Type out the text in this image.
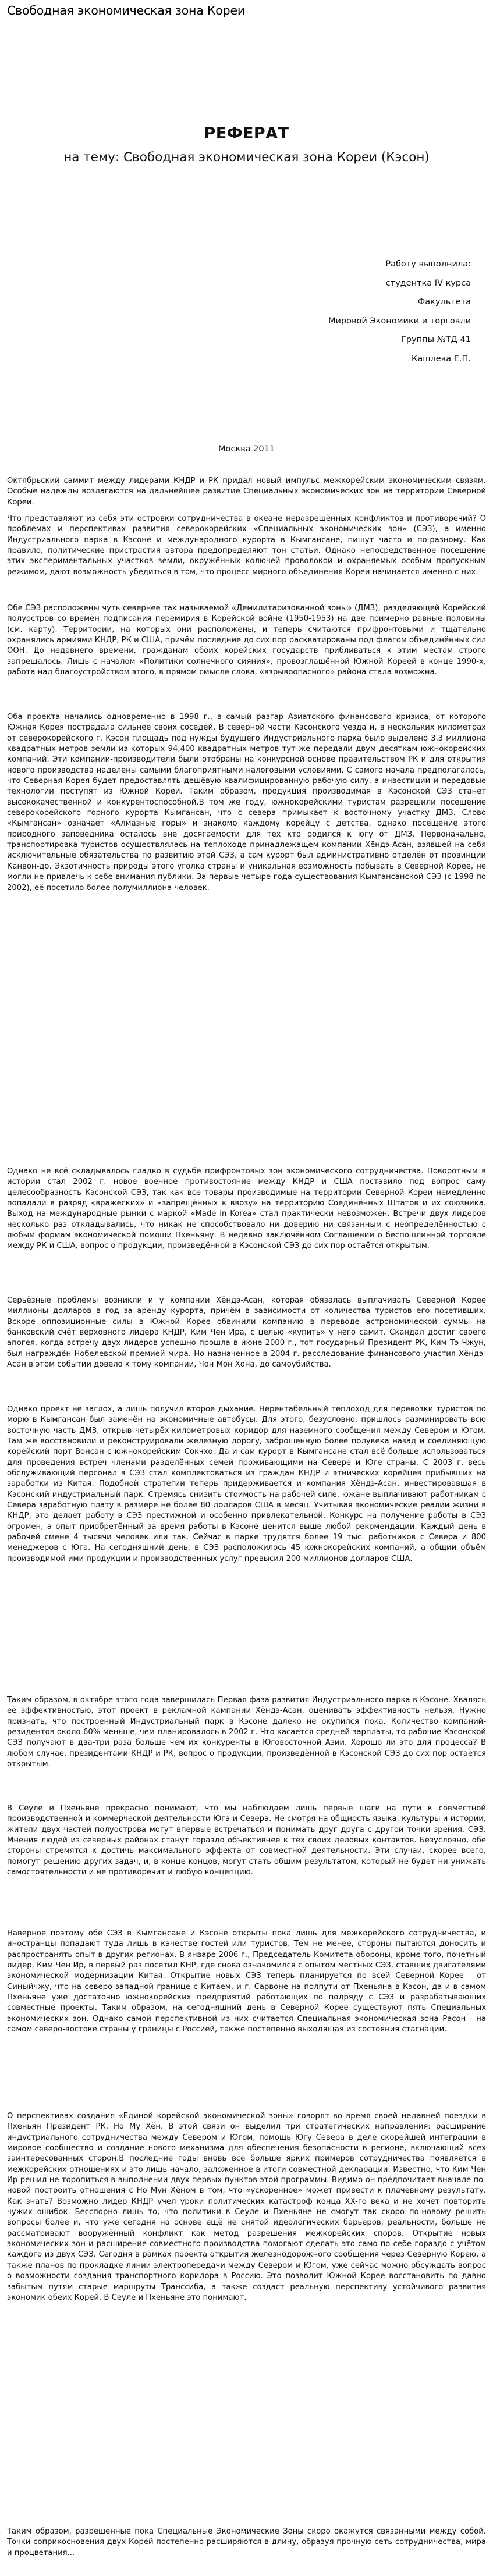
Свободная экономическая зона Кореи
РЕФЕРАТ
на тему: Свободная экономическая зона Кореи (Кэсон)
Работу выполнила:
студентка IV курса
Факультета
Мировой Экономики и торговли
Группы №ТД 41
Кашлева Е.П.
Москва 2011

Октябрьский саммит между лидерами КНДР и РК придал новый импульс межкорейским экономическим связям. Особые надежды возлагаются на дальнейшее развитие Специальных экономических зон на территории Северной Кореи.

Что представляют из себя эти островки сотрудничества в океане неразрешённых конфликтов и противоречий? О проблемах и перспективах развития северокорейских «Специальных экономических зон» (СЭЗ), а именно Индустриального парка в Кэсоне и международного курорта в Кымгансане, пишут часто и по-разному. Как правило, политические пристрастия авторa предопределяют тон статьи. Однако непосредственное посещение этих экспериментальных участков земли, окружённых колючей проволокой и охраняемых особым пропускным режимом, дают возможность убедиться в том, что процесс мирного объединения Кореи начинается именно с них.

Обе СЭЗ расположены чуть севернее так называемой «Демилитаризованной зоны» (ДМЗ), разделяющей Корейский полуостров со времён подписания перемирия в Корейской войне (1950-1953) на две примерно равные половины (см. карту). Территории, на которых они расположены, и теперь считаются прифронтовыми и тщательно охранялись армиями КНДР, РК и США, причём последние до сих пор раскватированы под флагом объединённых сил ООН. До недавнего времени, гражданам обоих корейских государств прибливаться к этим местам строго запрещалось. Лишь с началом «Политики солнечного сияния», провозглашённой Южной Кореей в конце 1990-х, работа над благоустройством этого, в прямом смысле слова, «взрывоопасного» района стала возможна.

Оба проекта начались одновременно в 1998 г., в самый разгар Азиатского финансового кризиса, от которого Южная Корея пострадала сильнее своих соседей. В северной части Кэсонского уезда и, в нескольких километрах от северокорейского г. Кэсон площадь под нужды будущего Индустриального парка было выделено 3.3 миллиона квадратных метров земли из которых 94,400 квадратных метров тут же передали двум десяткам южнокорейских компаний. Эти компании-производители были отобраны на конкурсной основе правительством РК и для открытия нового производства наделены самыми благоприятными налоговыми условиями. С самого начала предполагалось, что Северная Корея будет предоставлять дешёвую квалифицированную рабочую силу, а инвестиции и передовые технологии поступят из Южной Кореи. Таким образом, продукция производимая в Кэсонской СЭЗ станет высококачественной и конкурентоспособной.В том же году, южнокорейскими туристам разрешили посещение северокорейского горного курорта Кымгансан, что с севера примыкает к восточному участку ДМЗ. Слово «Кымгансан» означает «Алмазные горы» и знакомо каждому корейцу с детства, однако посещение этого природного заповедника осталось вне досягаемости для тех кто родился к югу от ДМЗ. Первоначально, транспортировка туристов осуществлялась на теплоходе принадлежащем компании Хёндэ-Асан, взявшей на себя исключительные обязательства по развитию этой СЭЗ, а сам курорт был административно отделён от провинции Канвон-до. Экзотичность природы этого уголка страны и уникальная возможность побывать в Северной Корее, не могли не привлечь к себе внимания публики. За первые четыре года существования Кымгансанской СЭЗ (с 1998 по 2002), её посетило более полумиллиона человек.

Однако не всё складывалось гладко в судьбе прифронтовых зон экономического сотрудничества. Поворотным в истории стал 2002 г. новое военное противостояние между КНДР и США поставило под вопрос саму целесообразность Кэсонской СЭЗ, так как все товары производимые на территории Северной Кореи немедленно попадали в разряд «вражеских» и «запрещённых к ввозу» на территорию Соединённых Штатов и их союзника. Выход на международные рынки с маркой «Made in Korea» стал практически невозможен. Встречи двух лидеров несколько раз откладывались, что никак не способствовало ни доверию ни связанным с неопределённостью с любым формам экономической помощи Пхеньяну. В недавно заключённом Соглашении о беспошлинной торговле между РК и США, вопрос о продукции, произведённой в Кэсонской СЭЗ до сих пор остаётся открытым.

Серьёзные проблемы возникли и у компании Хёндэ-Асан, которая обязалась выплачивать Северной Корее миллионы долларов в год за аренду курорта, причём в зависимости от количества туристов его посетивших. Вскоре оппозиционные силы в Южной Корее обвинили компанию в переводе астрономической суммы на банковский счёт верховного лидера КНДР, Ким Чен Ира, с целью «купить» у него самит. Скандал достиг своего апогея, когда встречу двух лидеров успешно прошла в июне 2000 г., тот государный Президент РК, Ким Тэ Чжун, был награждён Нобелевской премией мира. Но назначенное в 2004 г. расследование финансового участия Хёндэ-Асан в этом событии довело к тому компании, Чон Мон Хона, до самоубийства.

Однако проект не заглох, а лишь получил второе дыхание. Нерентабельный теплоход для перевозки туристов по морю в Кымгансан был заменён на экономичные автобусы. Для этого, безусловно, пришлось разминировать всю восточную часть ДМЗ, открыв четырёх-километровых коридор для наземного сообщения между Севером и Югом. Там же восстановили и реконструировали железную дорогу, заброшенную более полувека назад и соединяющую корейский порт Вонсан с южнокорейским Сокчхо. Да и сам курорт в Кымгансане стал всё больше использоваться для проведения встреч членами разделённых семей проживающими на Севере и Юге страны. С 2003 г. весь обслуживающий персонал в СЭЗ стал комплектоваться из граждан КНДР и этнических корейцев прибывших на заработки из Китая. Подобной стратегии теперь придерживается и компания Хёндэ-Асан, инвестировавшая в Кэсонский индустриальный парк. Стремясь снизить стоимость на рабочей силе, южане выплачивают работникам с Севера заработную плату в размере не более 80 долларов США в месяц. Учитывая экономические реалии жизни в КНДР, это делает работу в СЭЗ престижной и особенно привлекательной. Конкурс на получение работы в СЭЗ огромен, а опыт приобретённый за время работы в Кэсоне ценится выше любой рекомендации. Каждый день в рабочей смене 4 тысячи человек или так. Сейчас в парке трудятся более 19 тыс. работников с Севера и 800 менеджеров с Юга. На сегодняшний день, в СЭЗ расположилось 45 южнокорейских компаний, а общий объём производимой ими продукции и производственных услуг превысил 200 миллионов долларов США.

Таким образом, в октябре этого года завершилась Первая фаза развития Индустриального парка в Кэсоне. Хвалясь её эффективностью, этот проект в рекламной кампании Хёндэ-Асан, оценивать эффективность нельзя. Нужно признать, что построенный Индустриальный парк в Кэсоне далеко не окупился пока. Количество компаний-резидентов около 60% меньше, чем планировалось в 2002 г. Что касается средней зарплаты, то рабочие Кэсонской СЭЗ получают в два-три раза больше чем их конкуренты в Юговосточной Азии. Хорошо ли это для процесса? В любом случае, президентами КНДР и РК, вопрос о продукции, произведённой в Кэсонской СЭЗ до сих пор остаётся открытым.

В Сеуле и Пхеньяне прекрасно понимают, что мы наблюдаем лишь первые шаги на пути к совместной производственной и коммерческой деятельности Юга и Севера. Не смотря на общность языка, культуры и истории, жители двух частей полуострова могут впервые встречаться и понимать друг друга с другой точки зрения. СЭЗ. Мнения людей из северных районах станут гораздо объективнее к тех своих деловых контактов. Безусловно, обе стороны стремятся к достичь максимального эффекта от совместной деятельности. Эти случаи, скорее всего, помогут решению других задач, и, в конце концов, могут стать общим результатом, который не будет ни унижать самостоятельности и не противоречит и любую концепцию.

Наверное поэтому обе СЭЗ в Кымгансане и Кэсоне открыты пока лишь для межкорейского сотрудничества, и иностранцы попадают туда лишь в качестве гостей или туристов. Тем не менее, стороны пытаются доносить и распространять опыт в других регионах. В январе 2006 г., Председатель Комитета обороны, кроме того, почетный лидер, Ким Чен Ир, в первый раз посетил КНР, где снова ознакомился с опытом местных СЭЗ, ставших двигателями экономической модернизации Китая. Открытие новых СЭЗ теперь планируется по всей Северной Корее - от Синыйчжу, что на северо-западной границе с Китаем, и г. Сарвоне на полпути от Пхеньяна в Кэсон, да и в самом Пхеньяне уже достаточно южнокорейских предприятий работающих по подряду с СЭЗ и разрабатывающих совместные проекты. Таким образом, на сегодняшний день в Северной Корее существуют пять Специальных экономических зон. Однако самой перспективной из них считается Специальная экономическая зона Расон - на самом северо-востоке страны у границы с Россией, также постепенно выходящая из состояния стагнации.

О перспективах создания «Единой корейской экономической зоны» говорят во время своей недавней поездки в Пхеньян Президент РК, Но Му Хён. В этой связи он выделил три стратегических направления: расширение индустриального сотрудничества между Севером и Югом, помощь Югу Севера в деле скорейшей интеграции в мировое сообщество и создание нового механизма для обеспечения безопасности в регионе, включающий всех заинтересованных сторон.В последние годы вновь все больше ярких примеров сотрудничества появляется в межкорейских отношениях и это лишь начало, заложенное в итоги совместной декларации. Известно, что Ким Чен Ир решил не торопиться в выполнении двух первых пунктов этой программы. Видимо он предпочитает вначале по-новой построить отношения с Но Мун Хёном в том, что «ускоренное» может привести к плачевному результату. Как знать? Возможно лидер КНДР учел уроки политических катастроф конца XX-го века и не хочет повторить чужих ошибок. Бесспорно лишь то, что политики в Сеуле и Пхеньяне не смогут так скоро по-новому решить вопросы более и, что уже сегодня на основе ещё не снятой идеологических барьеров, реальности, больше не рассматривают вооружённый конфликт как метод разрешения межкорейских споров. Открытие новых экономических зон и расширение совместного производства помогают сделать это само по себе гораздо с учётом каждого из двух СЭЗ. Сегодня в рамках проекта открытия железнодорожного сообщения через Северную Корею, а также планов по прокладке линии электропередачи между Севером и Югом, уже сейчас можно обсуждать вопрос о возможности создания транспортного коридора в Россию. Это позволит Южной Корее восстановить по давно забытым путям старые маршруты Транссиба, а также создаст реальную перспективу устойчивого развития экономик обеих Корей. В Сеуле и Пхеньяне это понимают.

Таким образом, разрешенные пока Специальные Экономические Зоны скоро окажутся связанными между собой. Точки соприкосновения двух Корей постепенно расширяются в длину, образуя прочную сеть сотрудничества, мира и процветания...
